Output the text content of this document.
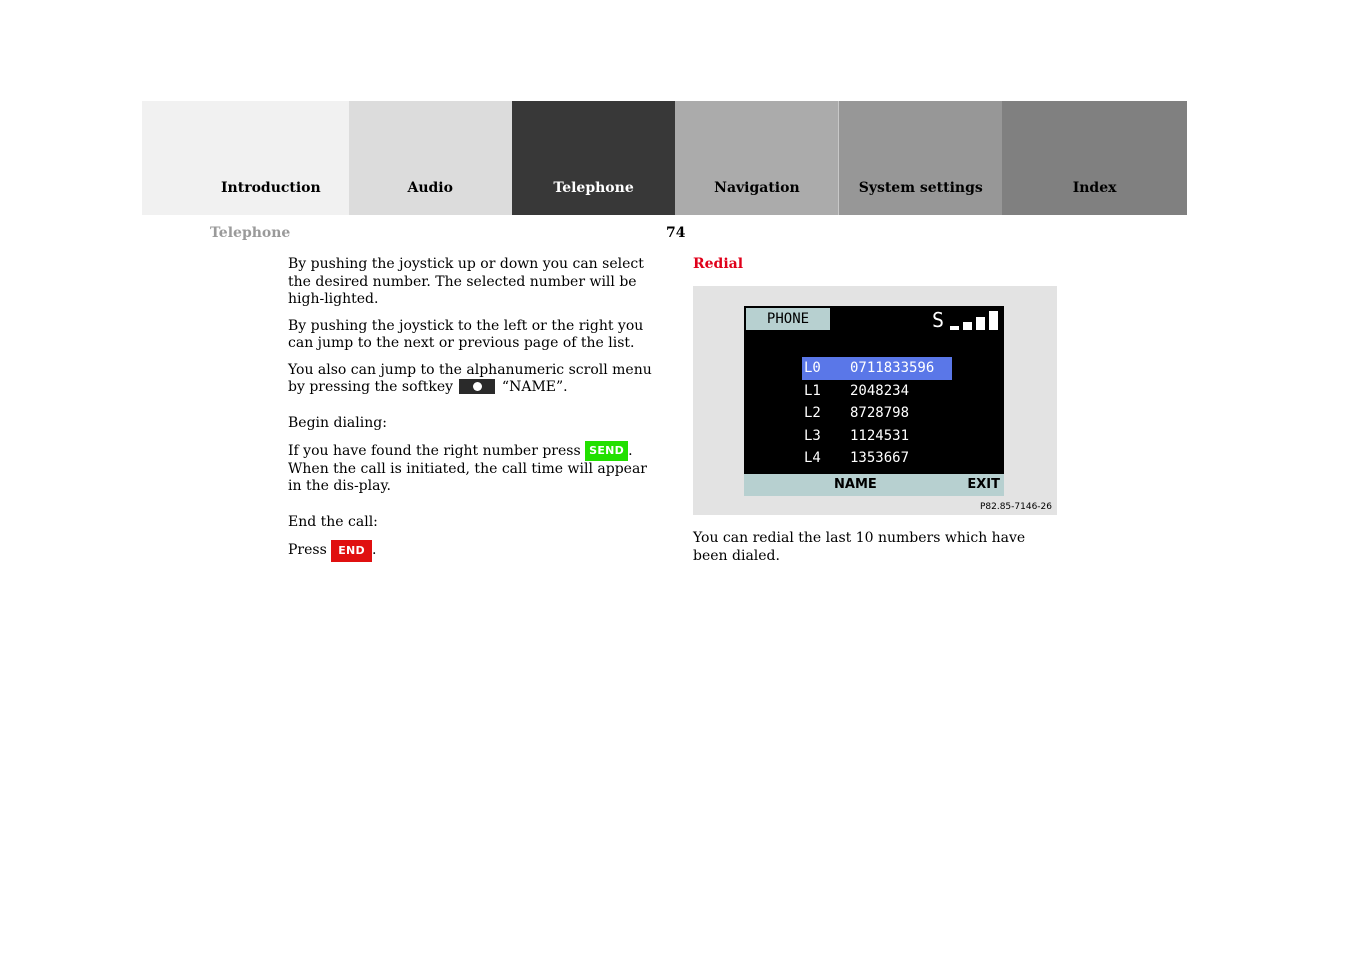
Introduction	Audio	Telephone	Navigation	System settings	Index
Telephone	74

By pushing the joystick up or down you can select the desired number. The selected number will be high-lighted.

By pushing the joystick to the left or the right you can jump to the next or previous page of the list.

You also can jump to the alphanumeric scroll menu by pressing the softkey	“NAME”.

Begin dialing:

If you have found the right number press SEND . When the call is initiated, the call time will appear in the dis-play.

End the call:

Press END .

Redial

PHONE	S
L0	0711833596
L1	2048234
L2	8728798
L3	1124531
L4	1353667
NAME	EXIT
P82.85-7146-26
You can redial the last 10 numbers which have been dialed.
